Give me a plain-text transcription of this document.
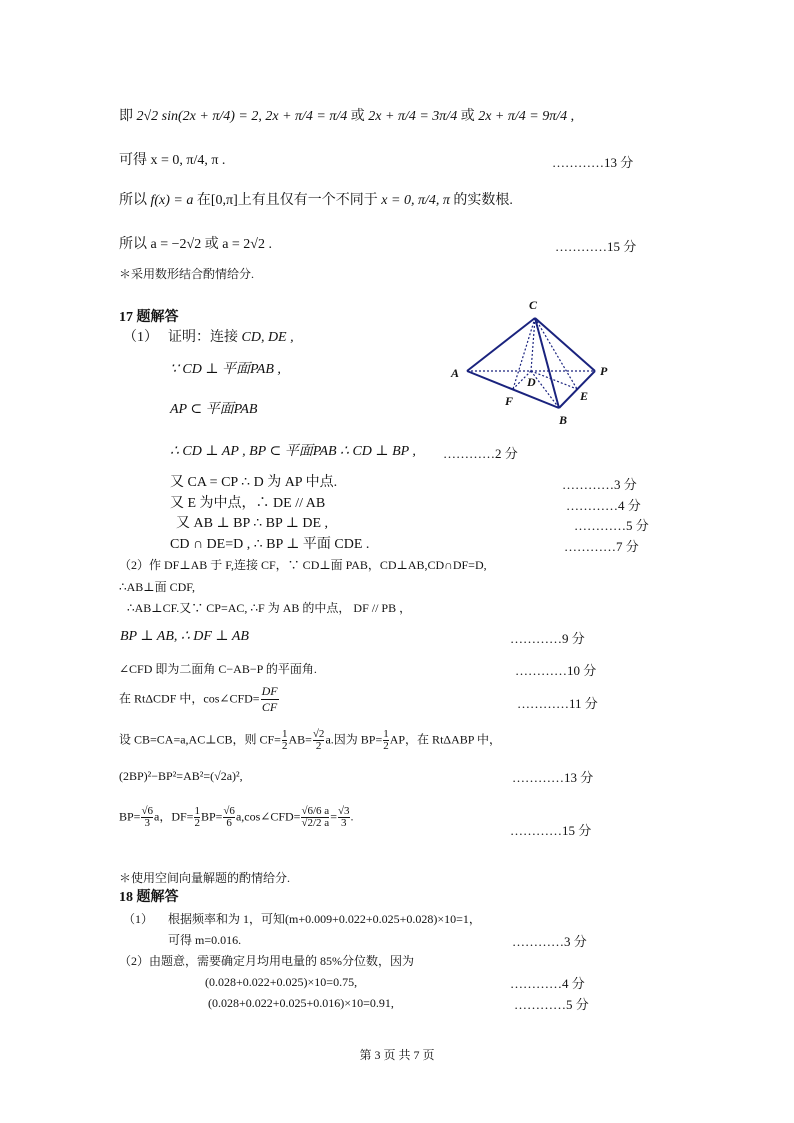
即 2√2 sin(2x + π/4) = 2, 2x + π/4 = π/4 或 2x + π/4 = 3π/4 或 2x + π/4 = 9π/4 ,
可得 x = 0, π/4, π .	…………13 分
所以 f(x) = a 在[0,π]上有且仅有一个不同于 x = 0, π/4, π 的实数根.
所以 a = −2√2 或 a = 2√2 .	…………15 分
＊采用数形结合酌情给分.
17 题解答
（1） 证明：连接 CD, DE ,
∵ CD ⊥ 平面PAB ,
AP ⊂ 平面PAB
∴ CD ⊥ AP , BP ⊂ 平面PAB ∴ CD ⊥ BP , …………2 分
又 CA = CP ∴ D 为 AP 中点.	…………3 分
又 E 为中点，∴ DE // AB	…………4 分
又 AB ⊥ BP ∴ BP ⊥ DE ,	…………5 分
CD ∩ DE=D , ∴ BP ⊥ 平面 CDE .	…………7 分
（2）作 DF⊥AB 于 F,连接 CF，∵ CD⊥面 PAB，CD⊥AB,CD∩DF=D,
∴AB⊥面 CDF,
∴AB⊥CF.又∵ CP=AC, ∴F 为 AB 的中点， DF // PB ，
BP ⊥ AB, ∴ DF ⊥ AB	…………9 分
∠CFD 即为二面角 C−AB−P 的平面角.	…………10 分
在 RtΔCDF 中，cos∠CFD= $\frac{DF}{CF}$	…………11 分
设 CB=CA=a,AC⊥CB，则 $CF= \frac{1}{2} AB= \frac{√2}{2} a$.因为 $BP= \frac{1}{2}$ AP，在 RtΔABP 中，
(2BP)²−BP²=AB²=(√2a)²,	…………13 分
$BP= \frac{√6}{3}$ a，$DF= \frac{1}{2} BP= \frac{√6}{6}$ a,cos∠CFD= $\frac{√6/6 a}{√2/2 a} = \frac{√3}{3}$ .
…………15 分
＊使用空间向量解题的酌情给分.
C
A	P
D
F	E
B
18 题解答
（1） 根据频率和为 1，可知(m+0.009+0.022+0.025+0.028)×10=1，
可得 m=0.016.	…………3 分
（2）由题意，需要确定月均用电量的 85%分位数，因为
(0.028+0.022+0.025)×10=0.75,	…………4 分
(0.028+0.022+0.025+0.016)×10=0.91,	…………5 分
第 3 页 共 7 页
